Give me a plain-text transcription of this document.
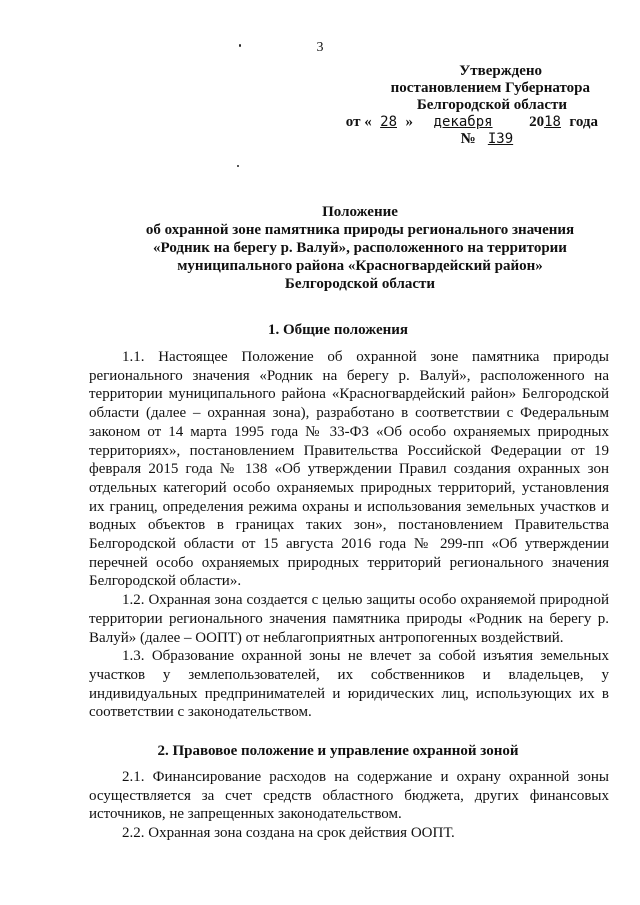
3
Утверждено
постановлением Губернатора
Белгородской области
от « 28 » декабря 2018 года
№ I39
Положение
об охранной зоне памятника природы регионального значения
«Родник на берегу р. Валуй», расположенного на территории
муниципального района «Красногвардейский район»
Белгородской области
1. Общие положения

1.1. Настоящее Положение об охранной зоне памятника природы регионального значения «Родник на берегу р. Валуй», расположенного на территории муниципального района «Красногвардейский район» Белгородской области (далее – охранная зона), разработано в соответствии с Федеральным законом от 14 марта 1995 года № 33-ФЗ «Об особо охраняемых природных территориях», постановлением Правительства Российской Федерации от 19 февраля 2015 года № 138 «Об утверждении Правил создания охранных зон отдельных категорий особо охраняемых природных территорий, установления их границ, определения режима охраны и использования земельных участков и водных объектов в границах таких зон», постановлением Правительства Белгородской области от 15 августа 2016 года № 299-пп «Об утверждении перечней особо охраняемых природных территорий регионального значения Белгородской области».

1.2. Охранная зона создается с целью защиты особо охраняемой природной территории регионального значения памятника природы «Родник на берегу р. Валуй» (далее – ООПТ) от неблагоприятных антропогенных воздействий.

1.3. Образование охранной зоны не влечет за собой изъятия земельных участков у землепользователей, их собственников и владельцев, у индивидуальных предпринимателей и юридических лиц, использующих их в соответствии с законодательством.

2. Правовое положение и управление охранной зоной

2.1. Финансирование расходов на содержание и охрану охранной зоны осуществляется за счет средств областного бюджета, других финансовых источников, не запрещенных законодательством.

2.2. Охранная зона создана на срок действия ООПТ.
